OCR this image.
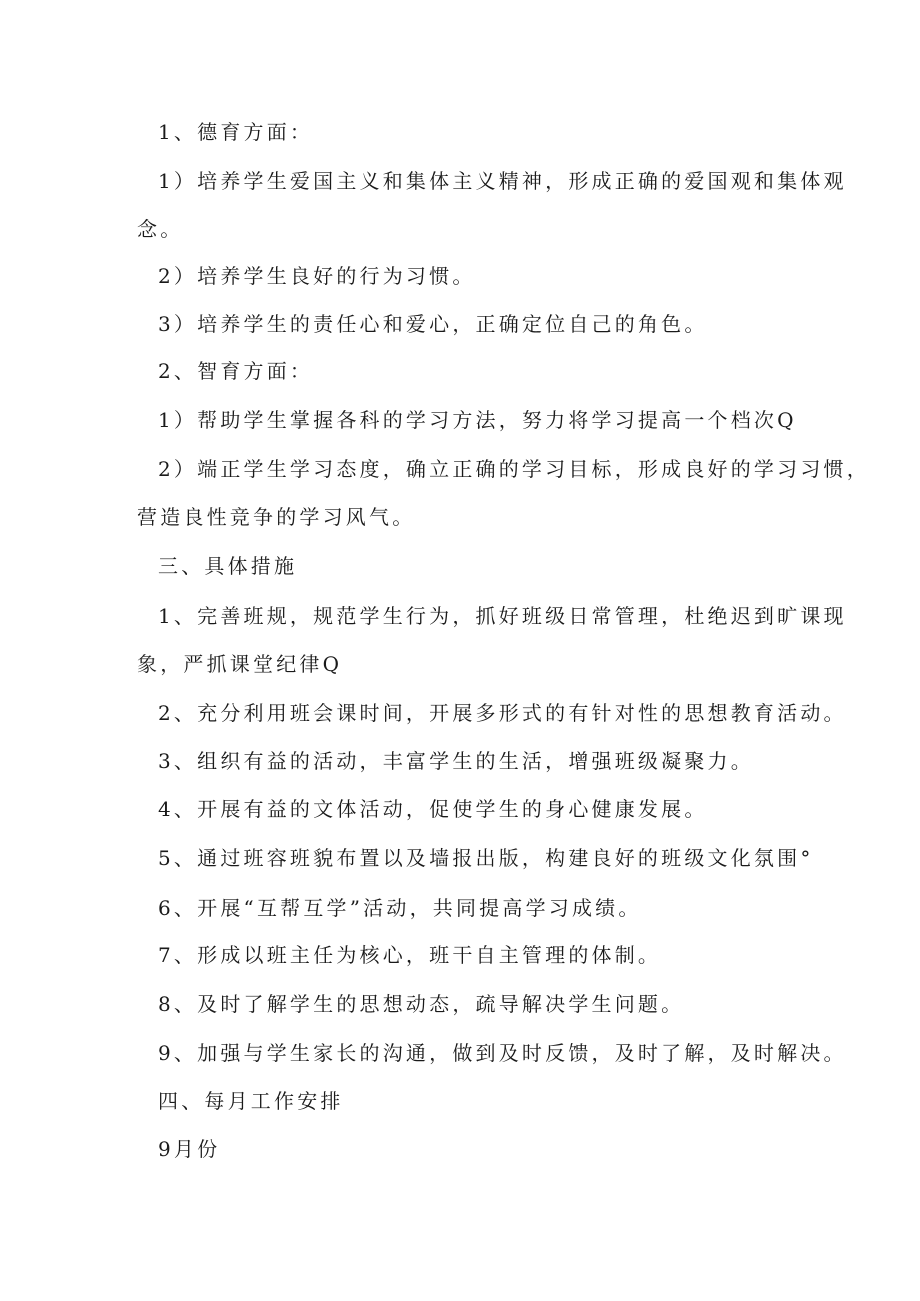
1、德育方面：
1）培养学生爱国主义和集体主义精神，形成正确的爱国观和集体观
念。
2）培养学生良好的行为习惯。
3）培养学生的责任心和爱心，正确定位自己的角色。
2、智育方面：
1）帮助学生掌握各科的学习方法，努力将学习提高一个档次Q
2）端正学生学习态度，确立正确的学习目标，形成良好的学习习惯，
营造良性竞争的学习风气。
三、具体措施
1、完善班规，规范学生行为，抓好班级日常管理，杜绝迟到旷课现
象，严抓课堂纪律Q
2、充分利用班会课时间，开展多形式的有针对性的思想教育活动。
3、组织有益的活动，丰富学生的生活，增强班级凝聚力。
4、开展有益的文体活动，促使学生的身心健康发展。
5、通过班容班貌布置以及墙报出版，构建良好的班级文化氛围°
6、开展“互帮互学”活动，共同提高学习成绩。
7、形成以班主任为核心，班干自主管理的体制。
8、及时了解学生的思想动态，疏导解决学生问题。
9、加强与学生家长的沟通，做到及时反馈，及时了解，及时解决。
四、每月工作安排
9月份
